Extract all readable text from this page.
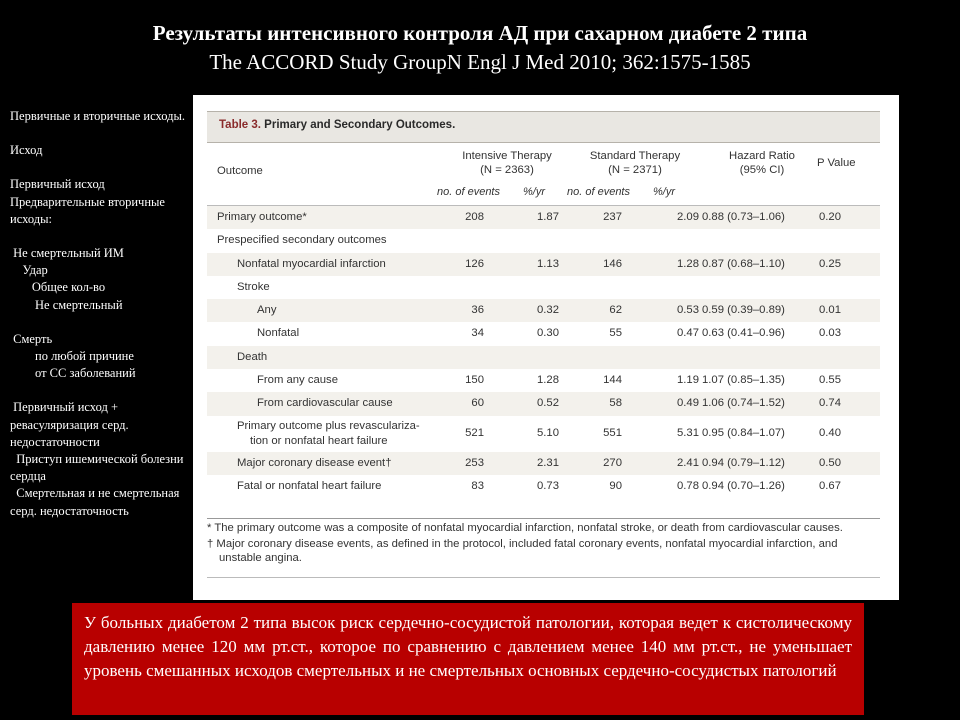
Результаты интенсивного контроля АД при сахарном диабете 2 типа
The ACCORD Study GroupN Engl J Med 2010; 362:1575-1585
Первичные и вторичные исходы.
Исход
Первичный исход
Предварительные вторичные исходы:
Не смертельный ИМ
Удар
Общее кол-во
Не смертельный
Смерть
по любой причине
от СС заболеваний
Первичный исход + ревасуляризация серд. недостаточности
Приступ ишемической болезни сердца
Смертельная и не смертельная серд. недостаточность
Table 3. Primary and Secondary Outcomes.
Outcome
Intensive Therapy
(N = 2363)
Standard Therapy
(N = 2371)
Hazard Ratio
(95% CI)
P Value
no. of events %/yr no. of events %/yr
Primary outcome*	208	1.87	237	2.09 0.88 (0.73–1.06)	0.20
Prespecified secondary outcomes
Nonfatal myocardial infarction	126	1.13	146	1.28 0.87 (0.68–1.10)	0.25
Stroke
Any	36	0.32	62	0.53 0.59 (0.39–0.89)	0.01
Nonfatal	34	0.30	55	0.47 0.63 (0.41–0.96)	0.03
Death
From any cause	150	1.28	144	1.19 1.07 (0.85–1.35)	0.55
From cardiovascular cause	60	0.52	58	0.49 1.06 (0.74–1.52)	0.74
Primary outcome plus revasculariza-
tion or nonfatal heart failure
521	5.10	551	5.31 0.95 (0.84–1.07)	0.40
Major coronary disease event†	253	2.31	270	2.41 0.94 (0.79–1.12)	0.50
Fatal or nonfatal heart failure	83	0.73	90	0.78 0.94 (0.70–1.26)	0.67

* The primary outcome was a composite of nonfatal myocardial infarction, nonfatal stroke, or death from cardiovascular causes.

† Major coronary disease events, as defined in the protocol, included fatal coronary events, nonfatal myocardial infarction, and unstable angina.

У больных диабетом 2 типа высок риск сердечно-сосудистой патологии, которая ведет к систолическому давлению менее 120 мм рт.ст., которое по сравнению с давлением менее 140 мм рт.ст., не уменьшает уровень смешанных исходов смертельных и не смертельных основных сердечно-сосудистых патологий
